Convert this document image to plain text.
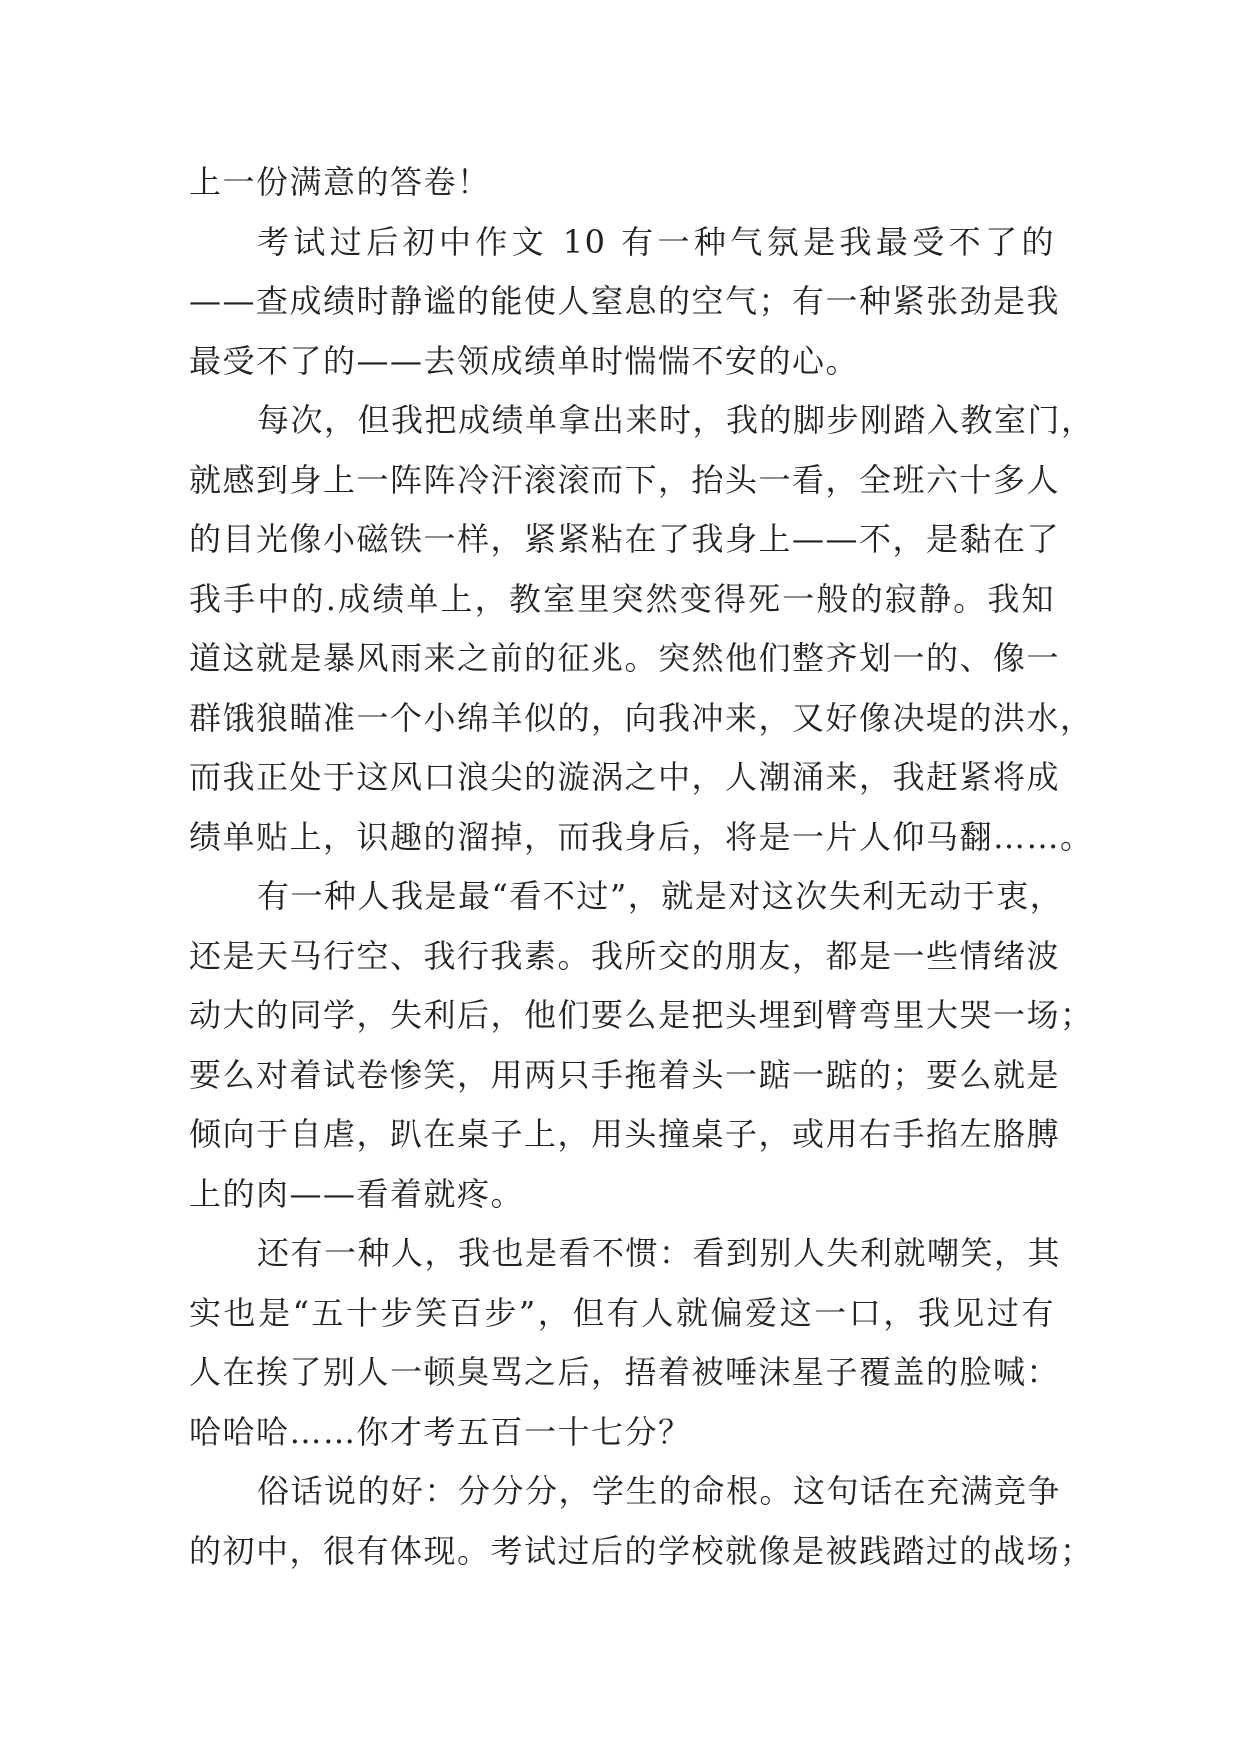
上一份满意的答卷！
考试过后初中作文 10 有一种气氛是我最受不了的
——查成绩时静谧的能使人窒息的空气；有一种紧张劲是我
最受不了的——去领成绩单时惴惴不安的心。
每次，但我把成绩单拿出来时，我的脚步刚踏入教室门，
就感到身上一阵阵冷汗滚滚而下，抬头一看，全班六十多人
的目光像小磁铁一样，紧紧粘在了我身上——不，是黏在了
我手中的.成绩单上，教室里突然变得死一般的寂静。我知
道这就是暴风雨来之前的征兆。突然他们整齐划一的、像一
群饿狼瞄准一个小绵羊似的，向我冲来，又好像决堤的洪水，
而我正处于这风口浪尖的漩涡之中，人潮涌来，我赶紧将成
绩单贴上，识趣的溜掉，而我身后，将是一片人仰马翻……。
有一种人我是最“看不过”，就是对这次失利无动于衷，
还是天马行空、我行我素。我所交的朋友，都是一些情绪波
动大的同学，失利后，他们要么是把头埋到臂弯里大哭一场；
要么对着试卷惨笑，用两只手拖着头一踮一踮的；要么就是
倾向于自虐，趴在桌子上，用头撞桌子，或用右手掐左胳膊
上的肉——看着就疼。
还有一种人，我也是看不惯：看到别人失利就嘲笑，其
实也是“五十步笑百步”，但有人就偏爱这一口，我见过有
人在挨了别人一顿臭骂之后，捂着被唾沫星子覆盖的脸喊：
哈哈哈……你才考五百一十七分？
俗话说的好：分分分，学生的命根。这句话在充满竞争
的初中，很有体现。考试过后的学校就像是被践踏过的战场；
